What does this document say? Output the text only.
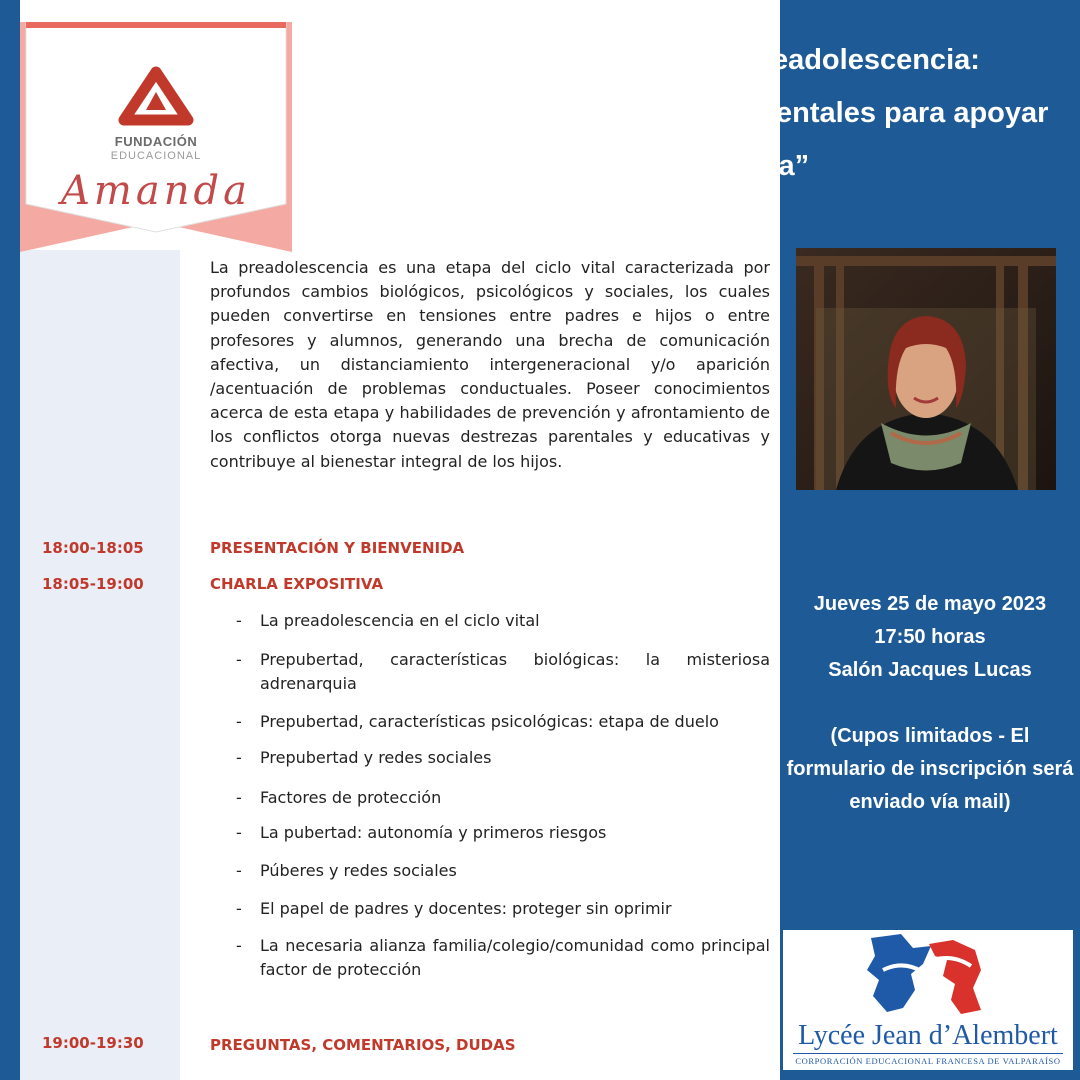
FUNDACIÓN
EDUCACIONAL
Amanda
“Adiós niñez, bienvenida preadolescencia: Conocimientos y habilidades parentales para apoyar esta nueva etapa”
La preadolescencia es una etapa del ciclo vital caracterizada por profundos cambios biológicos, psicológicos y sociales, los cuales pueden convertirse en tensiones entre padres e hijos o entre profesores y alumnos, generando una brecha de comunicación afectiva, un distanciamiento intergeneracional y/o aparición /acentuación de problemas conductuales. Poseer conocimientos acerca de esta etapa y habilidades de prevención y afrontamiento de los conflictos otorga nuevas destrezas parentales y educativas y contribuye al bienestar integral de los hijos.
18:00-18:05	PRESENTACIÓN Y BIENVENIDA
18:05-19:00	CHARLA EXPOSITIVA
- La preadolescencia en el ciclo vital
- Prepubertad, características biológicas: la misteriosa adrenarquia
- Prepubertad, características psicológicas: etapa de duelo
- Prepubertad y redes sociales
- Factores de protección
- La pubertad: autonomía y primeros riesgos
- Púberes y redes sociales
- El papel de padres y docentes: proteger sin oprimir
- La necesaria alianza familia/colegio/comunidad como principal factor de protección
19:00-19:30	PREGUNTAS, COMENTARIOS, DUDAS
Jueves 25 de mayo 2023
17:50 horas
Salón Jacques Lucas
(Cupos limitados - El formulario de inscripción será enviado vía mail)
Lycée Jean d’Alembert
CORPORACIÓN EDUCACIONAL FRANCESA DE VALPARAÍSO
